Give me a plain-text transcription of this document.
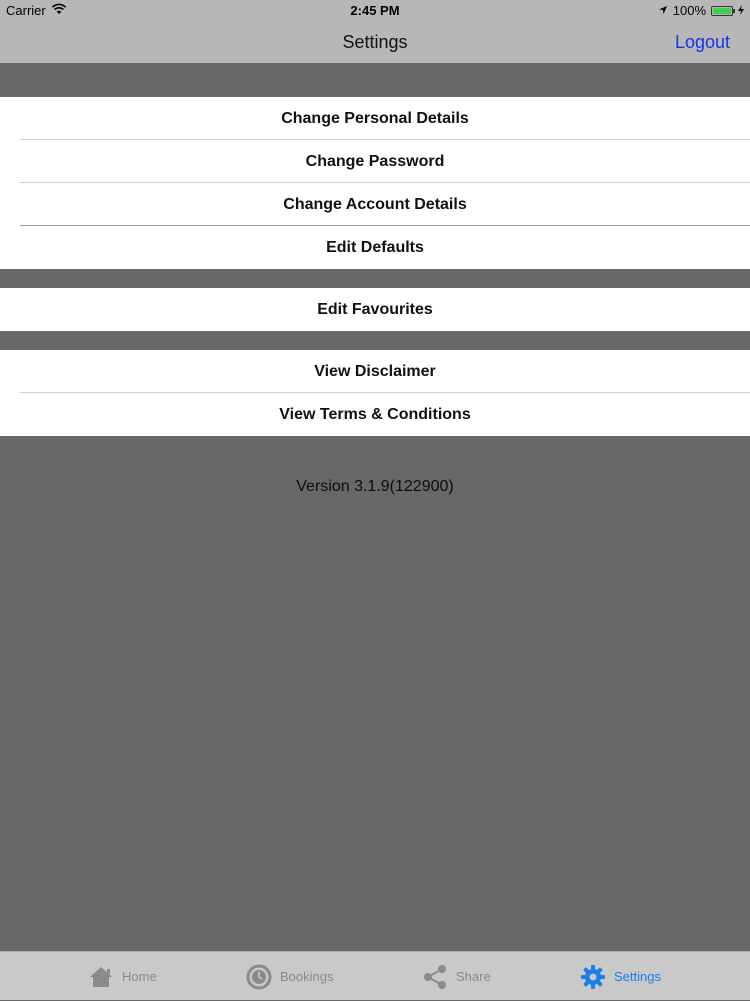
Carrier	2:45 PM	100%
Settings	Logout
Change Personal Details
Change Password
Change Account Details
Edit Defaults
Edit Favourites
View Disclaimer
View Terms & Conditions
Version 3.1.9(122900)
Home	Bookings	Share	Settings
